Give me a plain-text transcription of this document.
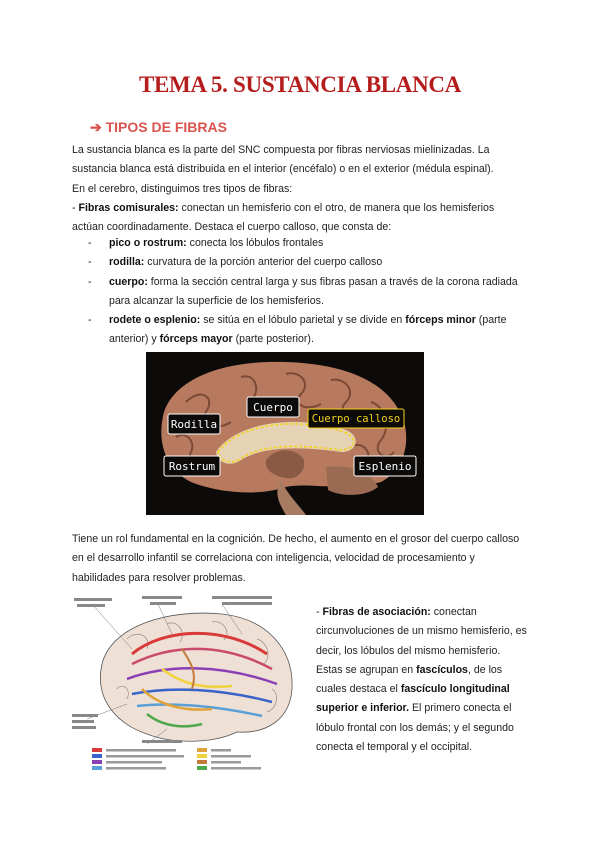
TEMA 5. SUSTANCIA BLANCA
➔ TIPOS DE FIBRAS
La sustancia blanca es la parte del SNC compuesta por fibras nerviosas mielinizadas. La sustancia blanca está distribuida en el interior (encéfalo) o en el exterior (médula espinal).
En el cerebro, distinguimos tres tipos de fibras:
- Fibras comisurales: conectan un hemisferio con el otro, de manera que los hemisferios actúan coordinadamente. Destaca el cuerpo calloso, que consta de:
- pico o rostrum: conecta los lóbulos frontales
- rodilla: curvatura de la porción anterior del cuerpo calloso
- cuerpo: forma la sección central larga y sus fibras pasan a través de la corona radiada para alcanzar la superficie de los hemisferios.
- rodete o esplenio: se sitúa en el lóbulo parietal y se divide en fórceps minor (parte anterior) y fórceps mayor (parte posterior).
Cuerpo
Cuerpo calloso
Rodilla
Rostrum	Esplenio
Tiene un rol fundamental en la cognición. De hecho, el aumento en el grosor del cuerpo calloso en el desarrollo infantil se correlaciona con inteligencia, velocidad de procesamiento y habilidades para resolver problemas.
- Fibras de asociación: conectan circunvoluciones de un mismo hemisferio, es decir, los lóbulos del mismo hemisferio. Estas se agrupan en fascículos, de los cuales destaca el fascículo longitudinal superior e inferior. El primero conecta el lóbulo frontal con los demás; y el segundo conecta el temporal y el occipital.
